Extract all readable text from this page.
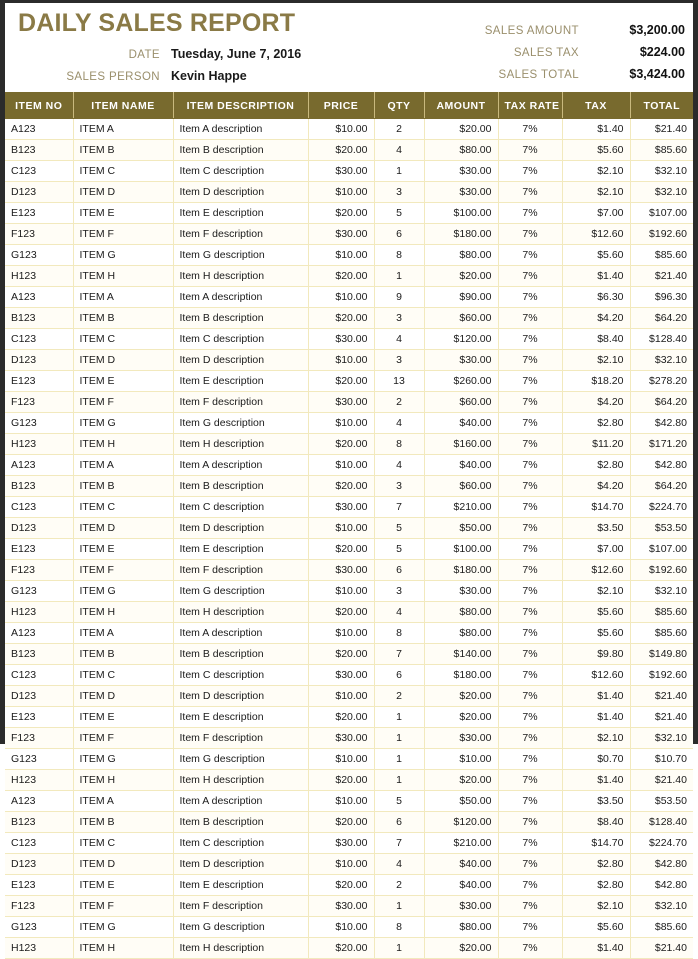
DAILY SALES REPORT
DATE Tuesday, June 7, 2016
SALES PERSON Kevin Happe
SALES AMOUNT	$3,200.00
SALES TAX	$224.00
SALES TOTAL	$3,424.00
ITEM NO	ITEM NAME	ITEM DESCRIPTION	PRICE	QTY	AMOUNT	TAX RATE	TAX	TOTAL
A123	ITEM A	Item A description	$10.00	2	$20.00	7%	$1.40	$21.40
B123	ITEM B	Item B description	$20.00	4	$80.00	7%	$5.60	$85.60
C123	ITEM C	Item C description	$30.00	1	$30.00	7%	$2.10	$32.10
D123	ITEM D	Item D description	$10.00	3	$30.00	7%	$2.10	$32.10
E123	ITEM E	Item E description	$20.00	5	$100.00	7%	$7.00	$107.00
F123	ITEM F	Item F description	$30.00	6	$180.00	7%	$12.60	$192.60
G123	ITEM G	Item G description	$10.00	8	$80.00	7%	$5.60	$85.60
H123	ITEM H	Item H description	$20.00	1	$20.00	7%	$1.40	$21.40
A123	ITEM A	Item A description	$10.00	9	$90.00	7%	$6.30	$96.30
B123	ITEM B	Item B description	$20.00	3	$60.00	7%	$4.20	$64.20
C123	ITEM C	Item C description	$30.00	4	$120.00	7%	$8.40	$128.40
D123	ITEM D	Item D description	$10.00	3	$30.00	7%	$2.10	$32.10
E123	ITEM E	Item E description	$20.00	13	$260.00	7%	$18.20	$278.20
F123	ITEM F	Item F description	$30.00	2	$60.00	7%	$4.20	$64.20
G123	ITEM G	Item G description	$10.00	4	$40.00	7%	$2.80	$42.80
H123	ITEM H	Item H description	$20.00	8	$160.00	7%	$11.20	$171.20
A123	ITEM A	Item A description	$10.00	4	$40.00	7%	$2.80	$42.80
B123	ITEM B	Item B description	$20.00	3	$60.00	7%	$4.20	$64.20
C123	ITEM C	Item C description	$30.00	7	$210.00	7%	$14.70	$224.70
D123	ITEM D	Item D description	$10.00	5	$50.00	7%	$3.50	$53.50
E123	ITEM E	Item E description	$20.00	5	$100.00	7%	$7.00	$107.00
F123	ITEM F	Item F description	$30.00	6	$180.00	7%	$12.60	$192.60
G123	ITEM G	Item G description	$10.00	3	$30.00	7%	$2.10	$32.10
H123	ITEM H	Item H description	$20.00	4	$80.00	7%	$5.60	$85.60
A123	ITEM A	Item A description	$10.00	8	$80.00	7%	$5.60	$85.60
B123	ITEM B	Item B description	$20.00	7	$140.00	7%	$9.80	$149.80
C123	ITEM C	Item C description	$30.00	6	$180.00	7%	$12.60	$192.60
D123	ITEM D	Item D description	$10.00	2	$20.00	7%	$1.40	$21.40
E123	ITEM E	Item E description	$20.00	1	$20.00	7%	$1.40	$21.40
F123	ITEM F	Item F description	$30.00	1	$30.00	7%	$2.10	$32.10
G123	ITEM G	Item G description	$10.00	1	$10.00	7%	$0.70	$10.70
H123	ITEM H	Item H description	$20.00	1	$20.00	7%	$1.40	$21.40
A123	ITEM A	Item A description	$10.00	5	$50.00	7%	$3.50	$53.50
B123	ITEM B	Item B description	$20.00	6	$120.00	7%	$8.40	$128.40
C123	ITEM C	Item C description	$30.00	7	$210.00	7%	$14.70	$224.70
D123	ITEM D	Item D description	$10.00	4	$40.00	7%	$2.80	$42.80
E123	ITEM E	Item E description	$20.00	2	$40.00	7%	$2.80	$42.80
F123	ITEM F	Item F description	$30.00	1	$30.00	7%	$2.10	$32.10
G123	ITEM G	Item G description	$10.00	8	$80.00	7%	$5.60	$85.60
H123	ITEM H	Item H description	$20.00	1	$20.00	7%	$1.40	$21.40
